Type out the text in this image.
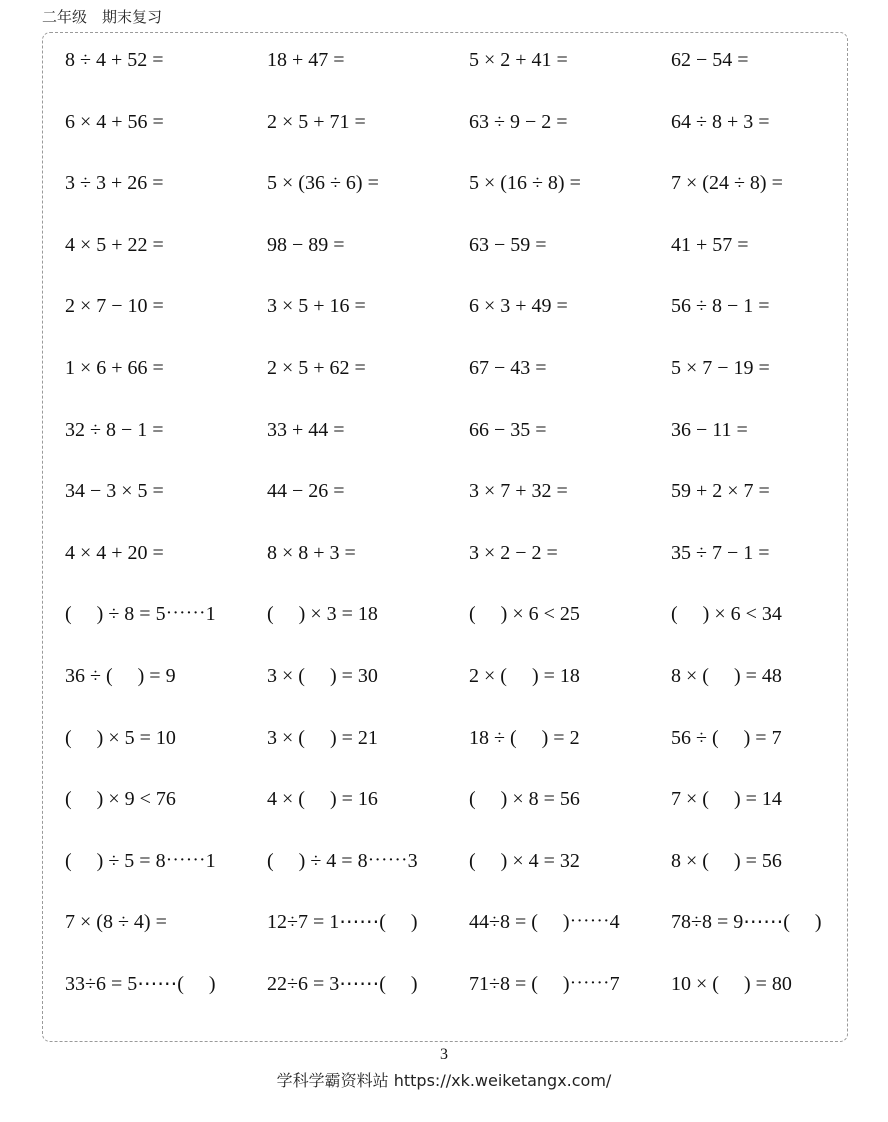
二年级　期末复习
8 ÷ 4 + 52 =	18 + 47 =	5 × 2 + 41 =	62 − 54 =
6 × 4 + 56 =	2 × 5 + 71 =	63 ÷ 9 − 2 =	64 ÷ 8 + 3 =
3 ÷ 3 + 26 =	5 × (36 ÷ 6) =	5 × (16 ÷ 8) =	7 × (24 ÷ 8) =
4 × 5 + 22 =	98 − 89 =	63 − 59 =	41 + 57 =
2 × 7 − 10 =	3 × 5 + 16 =	6 × 3 + 49 =	56 ÷ 8 − 1 =
1 × 6 + 66 =	2 × 5 + 62 =	67 − 43 =	5 × 7 − 19 =
32 ÷ 8 − 1 =	33 + 44 =	66 − 35 =	36 − 11 =
34 − 3 × 5 =	44 − 26 =	3 × 7 + 32 =	59 + 2 × 7 =
4 × 4 + 20 =	8 × 8 + 3 =	3 × 2 − 2 =	35 ÷ 7 − 1 =
(　 ) ÷ 8 = 5⋯⋯1	(　 ) × 3 = 18	(　 ) × 6 < 25	(　 ) × 6 < 34
36 ÷ (　 ) = 9	3 × (　 ) = 30	2 × (　 ) = 18	8 × (　 ) = 48
(　 ) × 5 = 10	3 × (　 ) = 21	18 ÷ (　 ) = 2	56 ÷ (　 ) = 7
(　 ) × 9 < 76	4 × (　 ) = 16	(　 ) × 8 = 56	7 × (　 ) = 14
(　 ) ÷ 5 = 8⋯⋯1	(　 ) ÷ 4 = 8⋯⋯3	(　 ) × 4 = 32	8 × (　 ) = 56
7 × (8 ÷ 4) =	12÷7 = 1⋯⋯(　 )	44÷8 = (　 )⋯⋯4	78÷8 = 9⋯⋯(　 )
33÷6 = 5⋯⋯(　 )	22÷6 = 3⋯⋯(　 )	71÷8 = (　 )⋯⋯7	10 × (　 ) = 80
3
学科学霸资料站 https://xk.weiketangx.com/
